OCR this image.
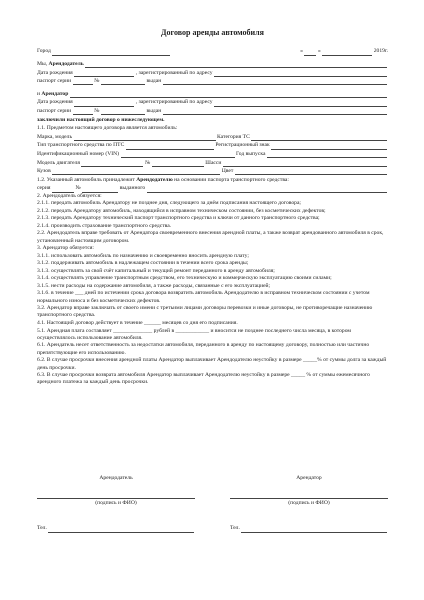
Договор аренды автомобиля
Город	«	»	2019г.
Мы,
Арендодатель
Дата рождения	, зарегистрированный по адресу
паспорт серии	№	выдан
и
Арендатор
Дата рождения	, зарегистрированный по адресу
паспорт серии	№	выдан
заключили настоящий договор о нижеследующем.
1.1. Предметом настоящего договора является автомобиль:
Марка, модель	Категория ТС
Тип транспортного средства по ПТС	Регистрационный знак
Идентификационный номер (VIN)	Год выпуска
Модель двигателя	№	Шасси
Кузов	Цвет
1.2. Указанный автомобиль принадлежит
Арендодателю
на основании паспорта транспортного средства:
серия	№	выданного

2. Арендодатель обязуется:

2.1.1. передать автомобиль Арендатору не позднее дня, следующего за днём подписания настоящего договора;

2.1.2. передать Арендатору автомобиль, находящийся в исправном техническом состоянии, без косметических дефектов;

2.1.3. передать Арендатору технический паспорт транспортного средства и ключи от данного транспортного средства;

2.1.4. производить страхование транспортного средства.

2.2. Арендодатель вправе требовать от Арендатора своевременного внесения арендной платы, а также возврат арендованного автомобиля в срок, установленный настоящим договором.

3. Арендатор обязуется:

3.1.1. использовать автомобиль по назначению и своевременно вносить арендную плату;

3.1.2. поддерживать автомобиль в надлежащем состоянии в течении всего срока аренды;

3.1.3. осуществлять за свой счёт капитальный и текущий ремонт переданного в аренду автомобиля;

3.1.4. осуществлять управление транспортным средством, его техническую и коммерческую эксплуатацию своими силами;

3.1.5. нести расходы на содержание автомобиля, а также расходы, связанные с его эксплуатацией;

3.1.6. в течение ___ дней по истечении срока договора возвратить автомобиль Арендодателю в исправном техническом состоянии с учетом нормального износа и без косметических дефектов.

3.2. Арендатор вправе заключать от своего имени с третьими лицами договоры перевозки и иные договоры, не противоречащие назначению транспортного средства.

4.1. Настоящий договор действует в течение ______ месяцев со дня его подписания.

5.1. Арендная плата составляет ______________ рублей в ____________ и вносится не позднее последнего числа месяца, в котором осуществлялось использование автомобиля.

6.1. Арендатель несет ответственность за недостатки автомобиля, переданного в аренду по настоящему договору, полностью или частично препятствующие его использованию.

6.2. В случае просрочки внесения арендной платы Арендатор выплачивает Арендодателю неустойку в размере _____% от суммы долга за каждый день просрочки.

6.3. В случае просрочки возврата автомобиля Арендатор выплачивает Арендодателю неустойку в размере _____ % от суммы ежемесячного арендного платежа за каждый день просрочки.

Арендодатель
(подпись и ФИО)
Тел.
Арендатор
(подпись и ФИО)
Тел.
